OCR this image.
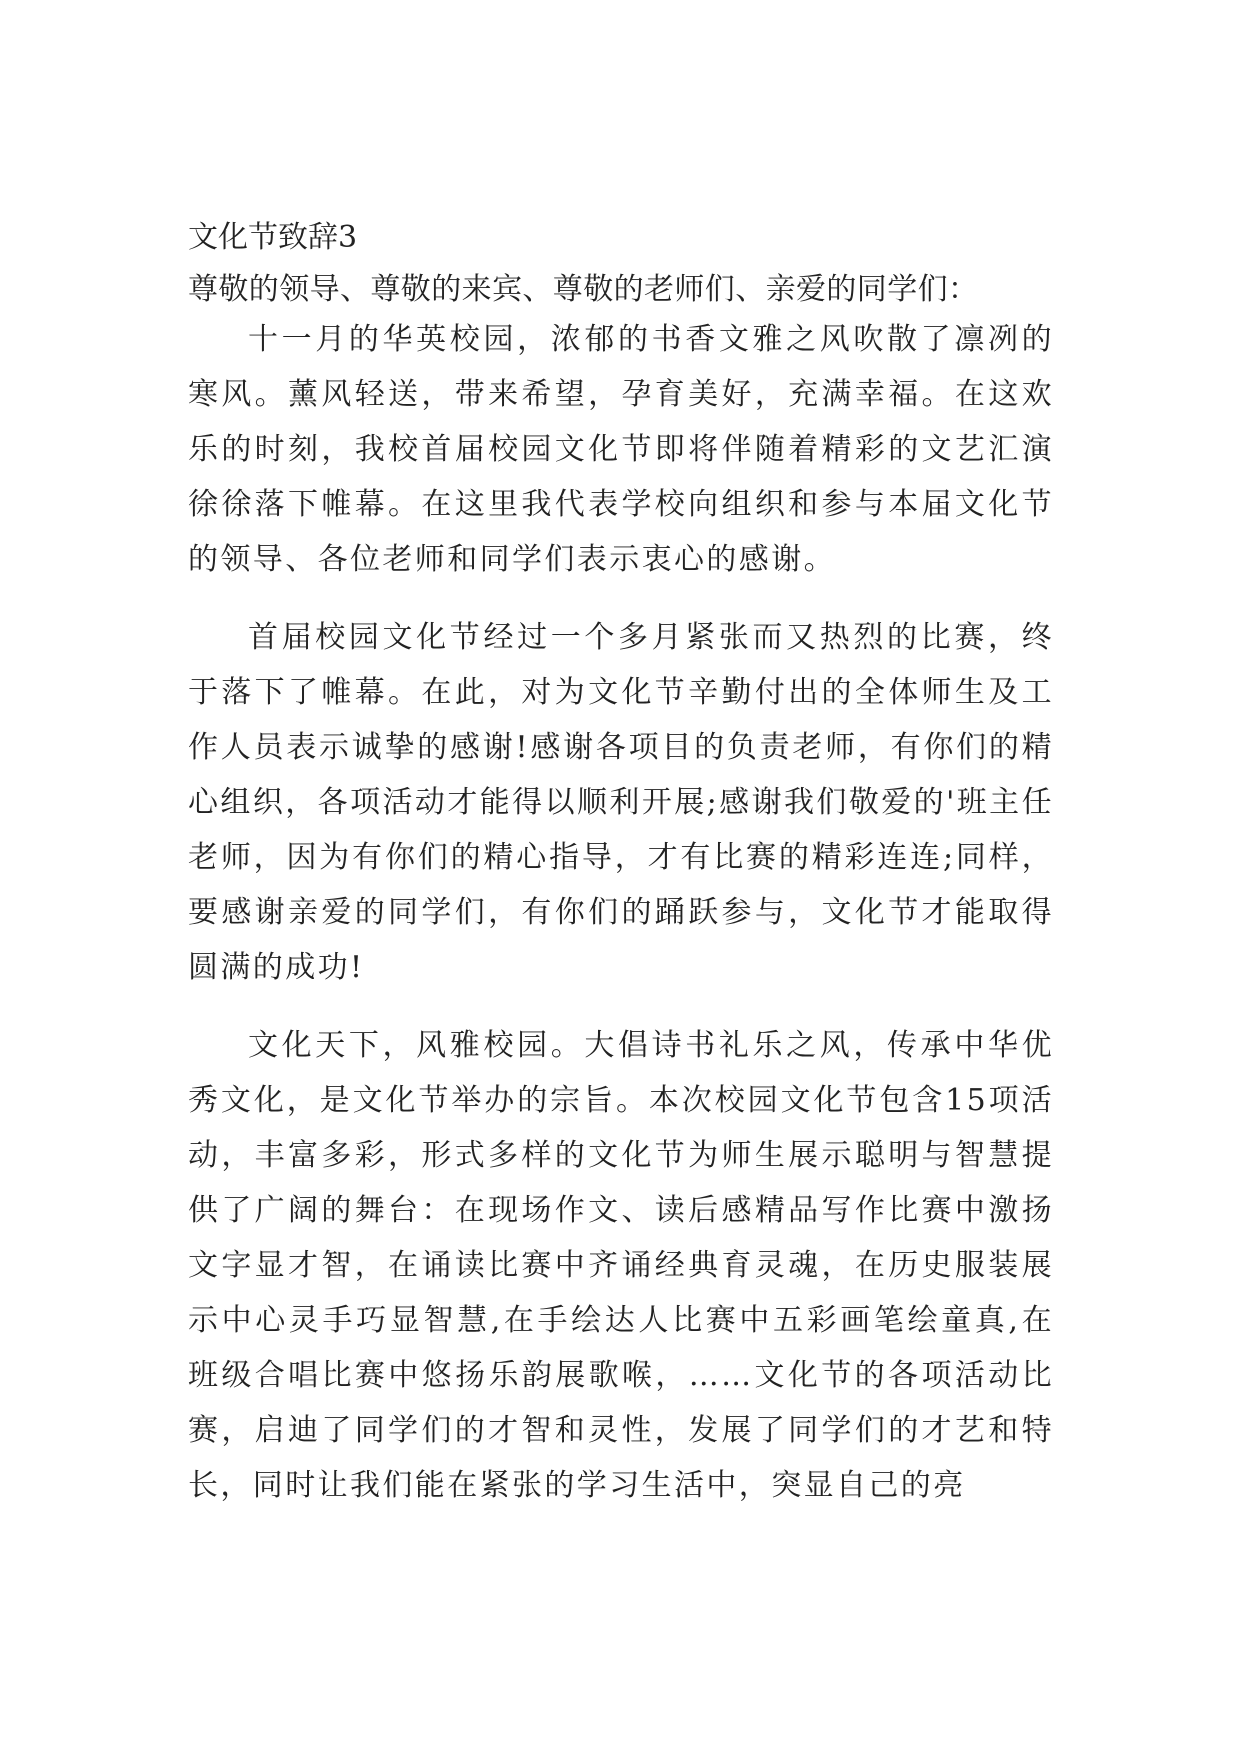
文化节致辞3
尊敬的领导、尊敬的来宾、尊敬的老师们、亲爱的同学们：

十一月的华英校园，浓郁的书香文雅之风吹散了凛冽的寒风。薰风轻送，带来希望，孕育美好，充满幸福。在这欢乐的时刻，我校首届校园文化节即将伴随着精彩的文艺汇演徐徐落下帷幕。在这里我代表学校向组织和参与本届文化节的领导、各位老师和同学们表示衷心的感谢。

首届校园文化节经过一个多月紧张而又热烈的比赛，终于落下了帷幕。在此，对为文化节辛勤付出的全体师生及工作人员表示诚挚的感谢!感谢各项目的负责老师，有你们的精心组织，各项活动才能得以顺利开展;感谢我们敬爱的'班主任老师，因为有你们的精心指导，才有比赛的精彩连连;同样，要感谢亲爱的同学们，有你们的踊跃参与，文化节才能取得圆满的成功!

文化天下，风雅校园。大倡诗书礼乐之风，传承中华优秀文化，是文化节举办的宗旨。本次校园文化节包含15项活动，丰富多彩，形式多样的文化节为师生展示聪明与智慧提供了广阔的舞台：在现场作文、读后感精品写作比赛中激扬文字显才智，在诵读比赛中齐诵经典育灵魂，在历史服装展示中心灵手巧显智慧,在手绘达人比赛中五彩画笔绘童真,在班级合唱比赛中悠扬乐韵展歌喉，……文化节的各项活动比赛，启迪了同学们的才智和灵性，发展了同学们的才艺和特长，同时让我们能在紧张的学习生活中，突显自己的亮
